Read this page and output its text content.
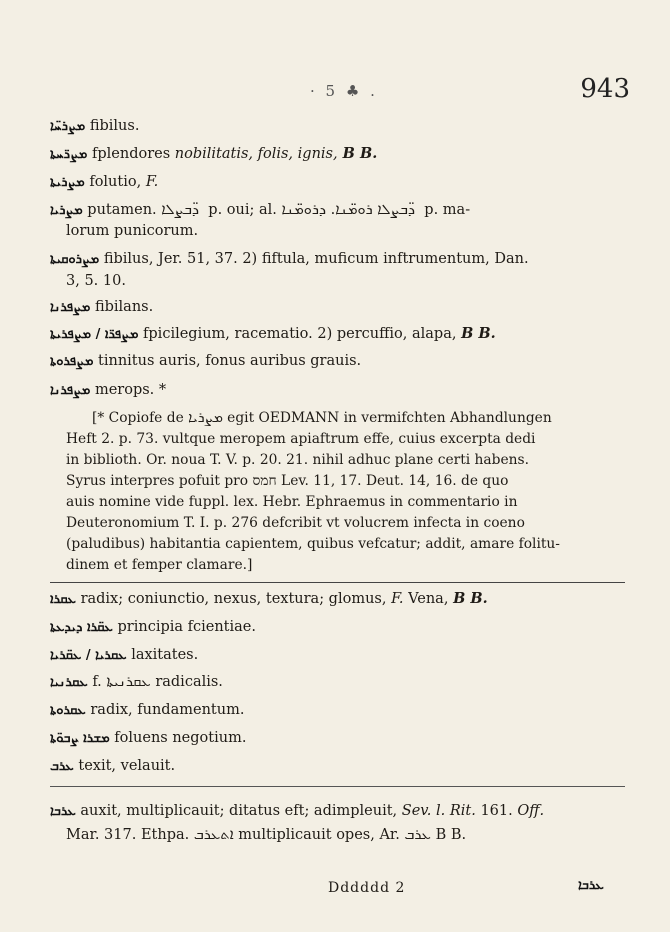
· 5 ♣ .	943
ܡܨܪܚ̈ܐ fibilus.
ܡܨܪ̈ܚܬܐ fplendores nobilitatis, folis, ignis, B B.
ܡܨܪܝܬܐ folutio, F.
ܡܨܪܝܐ putamen. ܕܒܨܠܐ ̈ p. oui; al. ܕܒܨܠܐ ܪܘܡ̈ܢܐ. ܕܪܘܡ̈ܢܐ ̈ p. ma-
lorum punicorum.
ܡܨܪܘܩܝܬܐ fibilus, Jer. 51, 37. 2) fiftula, muficum inftrumentum, Dan.
3, 5. 10.
ܡܨܦܪܢܐ fibilans.
ܡܨܦܪ̈ܐ / ܡܨܦܪܝܬܐ fpicilegium, racematio. 2) percuffio, alapa, B B.
ܡܨܦܪܘܬܐ tinnitus auris, fonus auribus grauis.
ܡܨܦܪܢܐ merops. *
[* Copiofe de ܡܨܪܝܐ egit OEDMANN in vermifchten Abhandlungen
Heft 2. p. 73. vultque meropem apiaftrum effe, cuius excerpta dedi
in biblioth. Or. noua T. V. p. 20. 21. nihil adhuc plane certi habens.
Syrus interpres pofuit pro חמס Lev. 11, 17. Deut. 14, 16. de quo
auis nomine vide fuppl. lex. Hebr. Ephraemus in commentario in
Deuteronomium T. I. p. 276 defcribit vt volucrem infecta in coeno
(paludibus) habitantia capientem, quibus vefcatur; addit, amare folitu-
dinem et femper clamare.]
ܥܩܪܐ radix; coniunctio, nexus, textura; glomus, F. Vena, B B.
ܥܩ̈ܪܐ ܕܝܕܥܬܐ principia fcientiae.
ܥܩܪܝܐ / ܥܩ̈ܪܝܐ laxitates.
ܥܩܪܢܝܐ f. ܥܩܪܢܝܬܐ radicalis.
ܥܩܪܘܬܐ radix, fundamentum.
ܡܫܪܐ ܨܒܘ̈ܬܐ foluens negotium.
ܥܪܒ texit, velauit.
ܥܪܒܐ auxit, multiplicauit; ditatus eft; adimpleuit, Sev. l. Rit. 161. Off.
Mar. 317. Ethpa. ܐܬܥܪܒ multiplicauit opes, Ar. ܥܪܒ B B.
Dddddd 2	ܥܪܒܐ
